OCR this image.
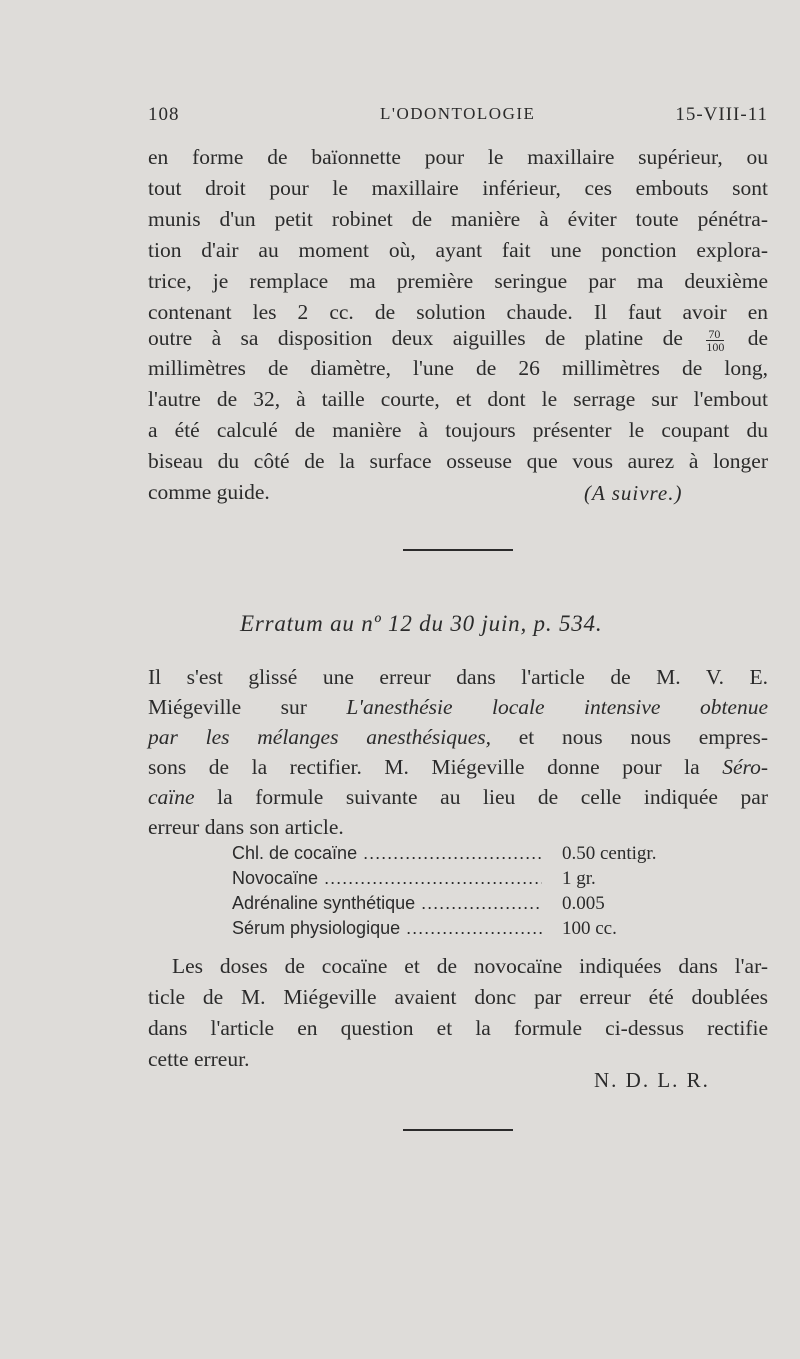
108	L'ODONTOLOGIE	15-VIII-11
en forme de baïonnette pour le maxillaire supérieur, ou
tout droit pour le maxillaire inférieur, ces embouts sont
munis d'un petit robinet de manière à éviter toute pénétra-
tion d'air au moment où, ayant fait une ponction explora-
trice, je remplace ma première seringue par ma deuxième
contenant les 2 cc. de solution chaude. Il faut avoir en
outre à sa disposition deux aiguilles de platine de $\frac{70}{100}$ de
millimètres de diamètre, l'une de 26 millimètres de long,
l'autre de 32, à taille courte, et dont le serrage sur l'embout
a été calculé de manière à toujours présenter le coupant du
biseau du côté de la surface osseuse que vous aurez à longer
comme guide.	(A suivre.)
Erratum au nº 12 du 30 juin, p. 534.
Il s'est glissé une erreur dans l'article de M. V. E.
Miégeville sur L'anesthésie locale intensive obtenue
par les mélanges anesthésiques, et nous nous empres-
sons de la rectifier. M. Miégeville donne pour la Séro-
caïne la formule suivante au lieu de celle indiquée par
erreur dans son article.
Chl. de cocaïne .....	0.50 centigr.
Novocaïne .....	1 gr.
Adrénaline synthétique .....	0.005
Sérum physiologique .....	100 cc.
Les doses de cocaïne et de novocaïne indiquées dans l'ar-
ticle de M. Miégeville avaient donc par erreur été doublées
dans l'article en question et la formule ci-dessus rectifie
cette erreur.
N. D. L. R.
